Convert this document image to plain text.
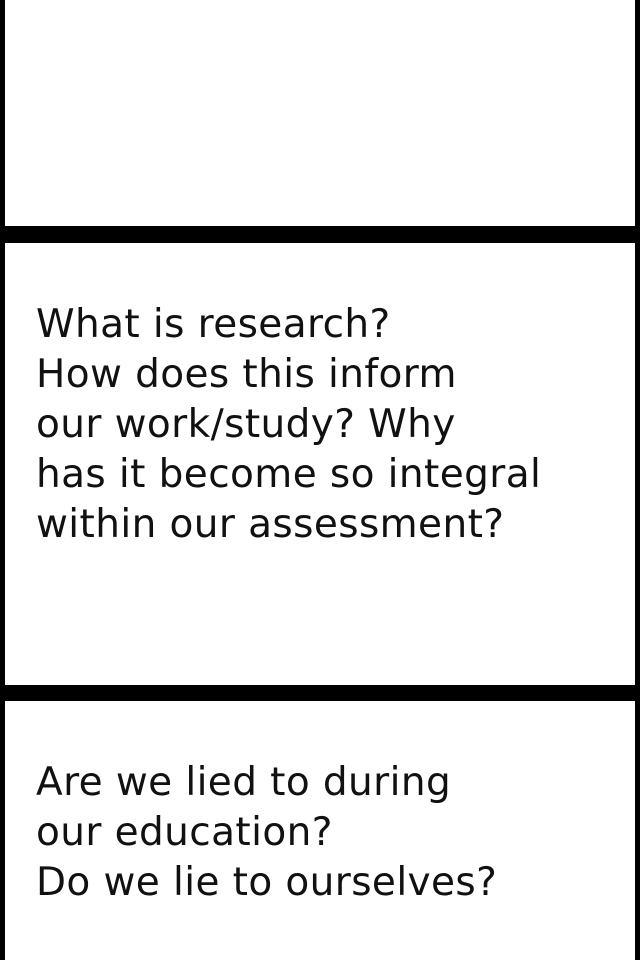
What is research?
How does this inform
our work/study? Why
has it become so integral
within our assessment?

Are we lied to during
our education?
Do we lie to ourselves?
